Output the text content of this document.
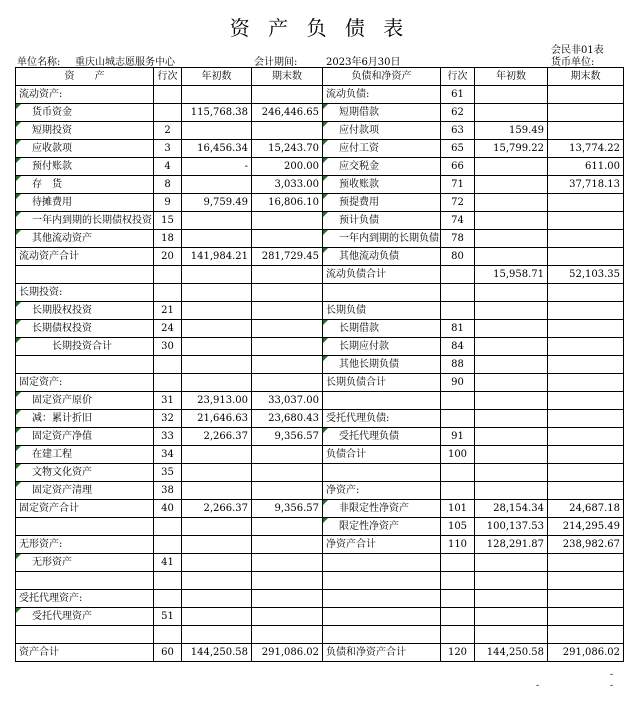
资 产 负 债 表
单位名称: 重庆山城志愿服务中心	会计期间:	2023年6月30日
会民非01表
货币单位:
资　　产	行次	年初数	期末数	负债和净资产	行次	年初数	期末数
流动资产:				流动负债:	61		
货币资金		115,768.38	246,446.65	短期借款	62		
短期投资	2			应付款项	63	159.49	
应收款项	3	16,456.34	15,243.70	应付工资	65	15,799.22	13,774.22
预付账款	4	-	200.00	应交税金	66		611.00
存　货	8		3,033.00	预收账款	71		37,718.13
待摊费用	9	9,759.49	16,806.10	预提费用	72		
一年内到期的长期债权投资	15			预计负债	74		
其他流动资产	18			一年内到期的长期负债	78		
流动资产合计	20	141,984.21	281,729.45	其他流动负债	80		
				流动负债合计		15,958.71	52,103.35
长期投资:							
长期股权投资	21			长期负债			
长期债权投资	24			长期借款	81		
长期投资合计	30			长期应付款	84		
				其他长期负债	88		
固定资产:				长期负债合计	90		
固定资产原价	31	23,913.00	33,037.00				
减：累计折旧	32	21,646.63	23,680.43	受托代理负债:			
固定资产净值	33	2,266.37	9,356.57	受托代理负债	91		
在建工程	34			负债合计	100		
文物文化资产	35						
固定资产清理	38			净资产:			
固定资产合计	40	2,266.37	9,356.57	非限定性净资产	101	28,154.34	24,687.18
				限定性净资产	105	100,137.53	214,295.49
无形资产:				净资产合计	110	128,291.87	238,982.67
无形资产	41						

受托代理资产:							
受托代理资产	51						

资产合计	60	144,250.58	291,086.02	负债和净资产合计	120	144,250.58	291,086.02
-
-	-
